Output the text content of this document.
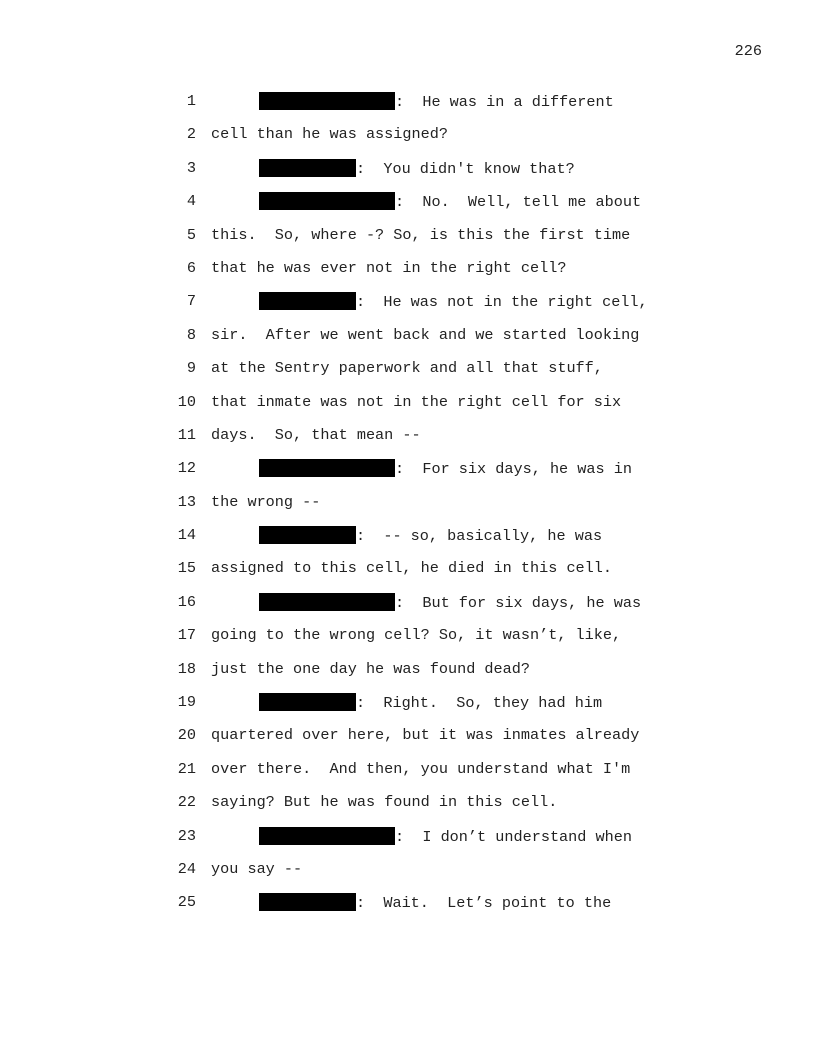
226
1	:  He was in a different
2 cell than he was assigned?
3	:  You didn't know that?
4	:  No.  Well, tell me about
5 this.  So, where -? So, is this the first time
6 that he was ever not in the right cell?
7	:  He was not in the right cell,
8 sir.  After we went back and we started looking
9 at the Sentry paperwork and all that stuff,
10 that inmate was not in the right cell for six
11 days.  So, that mean --
12	:  For six days, he was in
13 the wrong --
14	:  -- so, basically, he was
15 assigned to this cell, he died in this cell.
16	:  But for six days, he was
17 going to the wrong cell? So, it wasn’t, like,
18 just the one day he was found dead?
19	:  Right.  So, they had him
20 quartered over here, but it was inmates already
21 over there.  And then, you understand what I'm
22 saying? But he was found in this cell.
23	:  I don’t understand when
24 you say --
25	:  Wait.  Let’s point to the
